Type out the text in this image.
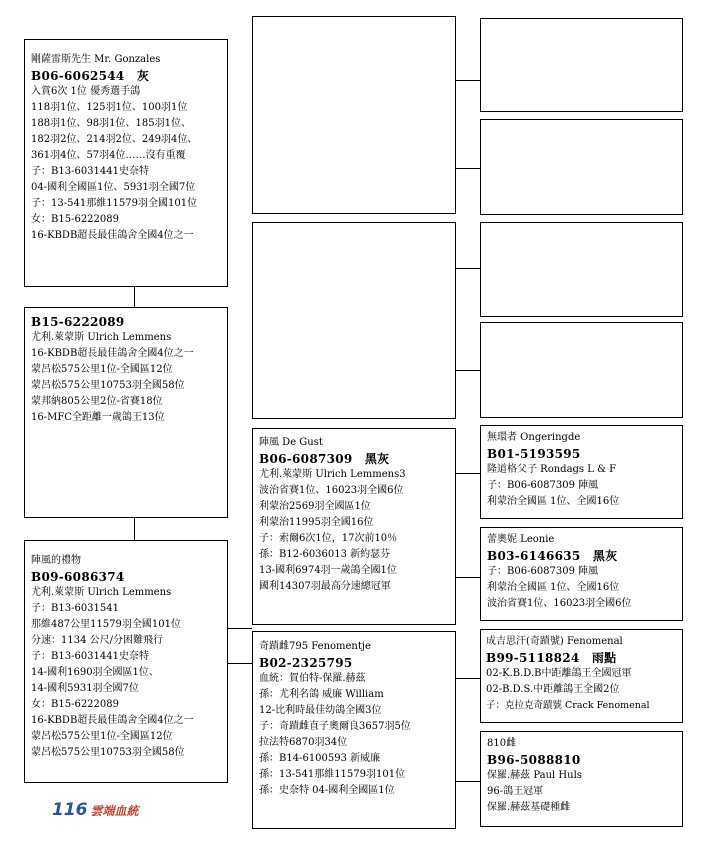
剛薩雷斯先生 Mr. Gonzales
B06-6062544　灰
入賞6次 1位 優秀選手鴿
118羽1位、125羽1位、100羽1位
188羽1位、98羽1位、185羽1位、
182羽2位、214羽2位、249羽4位、
361羽4位、57羽4位……沒有重覆
子：B13-6031441史奈特
04-國利全國區1位、5931羽全國7位
子：13-541那維11579羽全國101位
女：B15-6222089
16-KBDB超長最佳鴿舍全國4位之一
B15-6222089
尤利.萊蒙斯 Ulrich Lemmens
16-KBDB超長最佳鴿舍全國4位之一
蒙呂松575公里1位-全國區12位
蒙呂松575公里10753羽全國58位
蒙邦納805公里2位-省賽18位
16-MFC全距離一歲鴿王13位
陣風的禮物
B09-6086374
尤利.萊蒙斯 Ulrich Lemmens
子：B13-6031541
那維487公里11579羽全國101位
分速：1134 公尺/分困難飛行
子：B13-6031441史奈特
14-國利1690羽全國區1位、
14-國利5931羽全國7位
女：B15-6222089
16-KBDB超長最佳鴿舍全國4位之一
蒙呂松575公里1位-全國區12位
蒙呂松575公里10753羽全國58位
陣風 De Gust
B06-6087309　黑灰
尤利.萊蒙斯 Ulrich Lemmens3
波治省賽1位、16023羽全國6位
利蒙治2569羽全國區1位
利蒙治11995羽全國16位
子：索爾6次1位，17次前10％
孫：B12-6036013 新約瑟芬
13-國利6974羽一歲鴿全國1位
國利14307羽最高分速總冠軍
奇蹟雌795 Fenomentje
B02-2325795
血統：賀伯特-保羅.赫茲
孫：尤利名鴿 威廉 William
12-比利時最佳幼鴿全國3位
子：奇蹟雌直子奧爾良3657羽5位
拉法特6870羽34位
孫：B14-6100593 新威廉
孫：13-541那維11579羽101位
孫：史奈特 04-國利全國區1位
無環者 Ongeringde
B01-5193595
隆道格父子 Rondags L & F
子：B06-6087309 陣風
利蒙治全國區 1位、全國16位
蕾奧妮 Leonie
B03-6146635　黑灰
子：B06-6087309 陣風
利蒙治全國區 1位、全國16位
波治省賽1位、16023羽全國6位
成吉思汗(奇蹟號) Fenomenal
B99-5118824　雨點
02-K.B.D.B中距離鴿王全國冠軍
02-B.D.S.中距離鴿王全國2位
子：克拉克奇蹟號 Crack Fenomenal
810雌
B96-5088810
保羅.赫茲 Paul Huls
96-鴿王冠軍
保羅.赫茲基礎種雌
116 雲端血統
